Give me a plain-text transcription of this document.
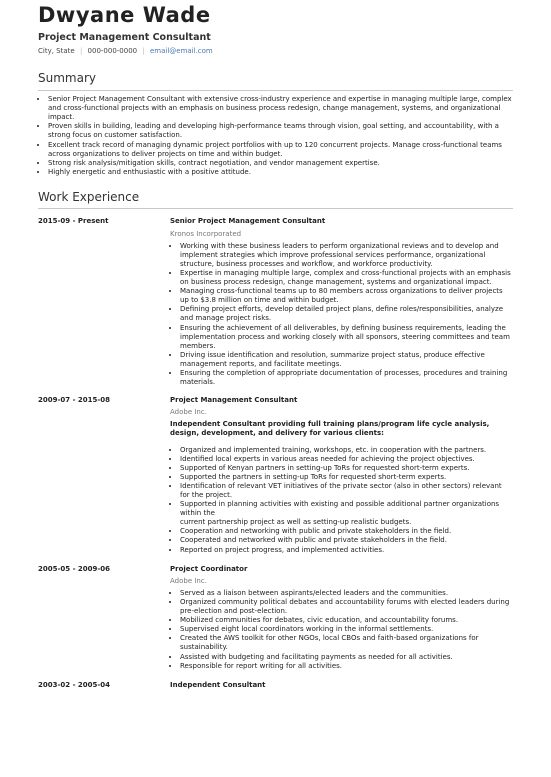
Dwyane Wade
Project Management Consultant
City, State | 000-000-0000 | email@email.com
Summary
• Senior Project Management Consultant with extensive cross-industry experience and expertise in managing multiple large, complex and cross-functional projects with an emphasis on business process redesign, change management, systems, and organizational impact.
• Proven skills in building, leading and developing high-performance teams through vision, goal setting, and accountability, with a strong focus on customer satisfaction.
• Excellent track record of managing dynamic project portfolios with up to 120 concurrent projects. Manage cross-functional teams across organizations to deliver projects on time and within budget.
• Strong risk analysis/mitigation skills, contract negotiation, and vendor management expertise.
• Highly energetic and enthusiastic with a positive attitude.
Work Experience
2015-09 - Present	Senior Project Management Consultant
Kronos Incorporated
• Working with these business leaders to perform organizational reviews and to develop and implement strategies which improve professional services performance, organizational structure, business processes and workflow, and workforce productivity.
• Expertise in managing multiple large, complex and cross-functional projects with an emphasis on business process redesign, change management, systems and organizational impact.
• Managing cross-functional teams up to 80 members across organizations to deliver projects up to $3.8 million on time and within budget.
• Defining project efforts, develop detailed project plans, define roles/responsibilities, analyze and manage project risks.
• Ensuring the achievement of all deliverables, by defining business requirements, leading the implementation process and working closely with all sponsors, steering committees and team members.
• Driving issue identification and resolution, summarize project status, produce effective management reports, and facilitate meetings.
• Ensuring the completion of appropriate documentation of processes, procedures and training materials.
2009-07 - 2015-08	Project Management Consultant
Adobe Inc.
Independent Consultant providing full training plans/program life cycle analysis, design, development, and delivery for various clients:
• Organized and implemented training, workshops, etc. in cooperation with the partners.
• Identified local experts in various areas needed for achieving the project objectives.
• Supported of Kenyan partners in setting-up ToRs for requested short-term experts.
• Supported the partners in setting-up ToRs for requested short-term experts.
• Identification of relevant VET initiatives of the private sector (also in other sectors) relevant for the project.
• Supported in planning activities with existing and possible additional partner organizations within the
current partnership project as well as setting-up realistic budgets.
• Cooperation and networking with public and private stakeholders in the field.
• Cooperated and networked with public and private stakeholders in the field.
• Reported on project progress, and implemented activities.
2005-05 - 2009-06	Project Coordinator
Adobe Inc.
• Served as a liaison between aspirants/elected leaders and the communities.
• Organized community political debates and accountability forums with elected leaders during pre-election and post-election.
• Mobilized communities for debates, civic education, and accountability forums.
• Supervised eight local coordinators working in the informal settlements.
• Created the AWS toolkit for other NGOs, local CBOs and faith-based organizations for sustainability.
• Assisted with budgeting and facilitating payments as needed for all activities.
• Responsible for report writing for all activities.
2003-02 - 2005-04	Independent Consultant
